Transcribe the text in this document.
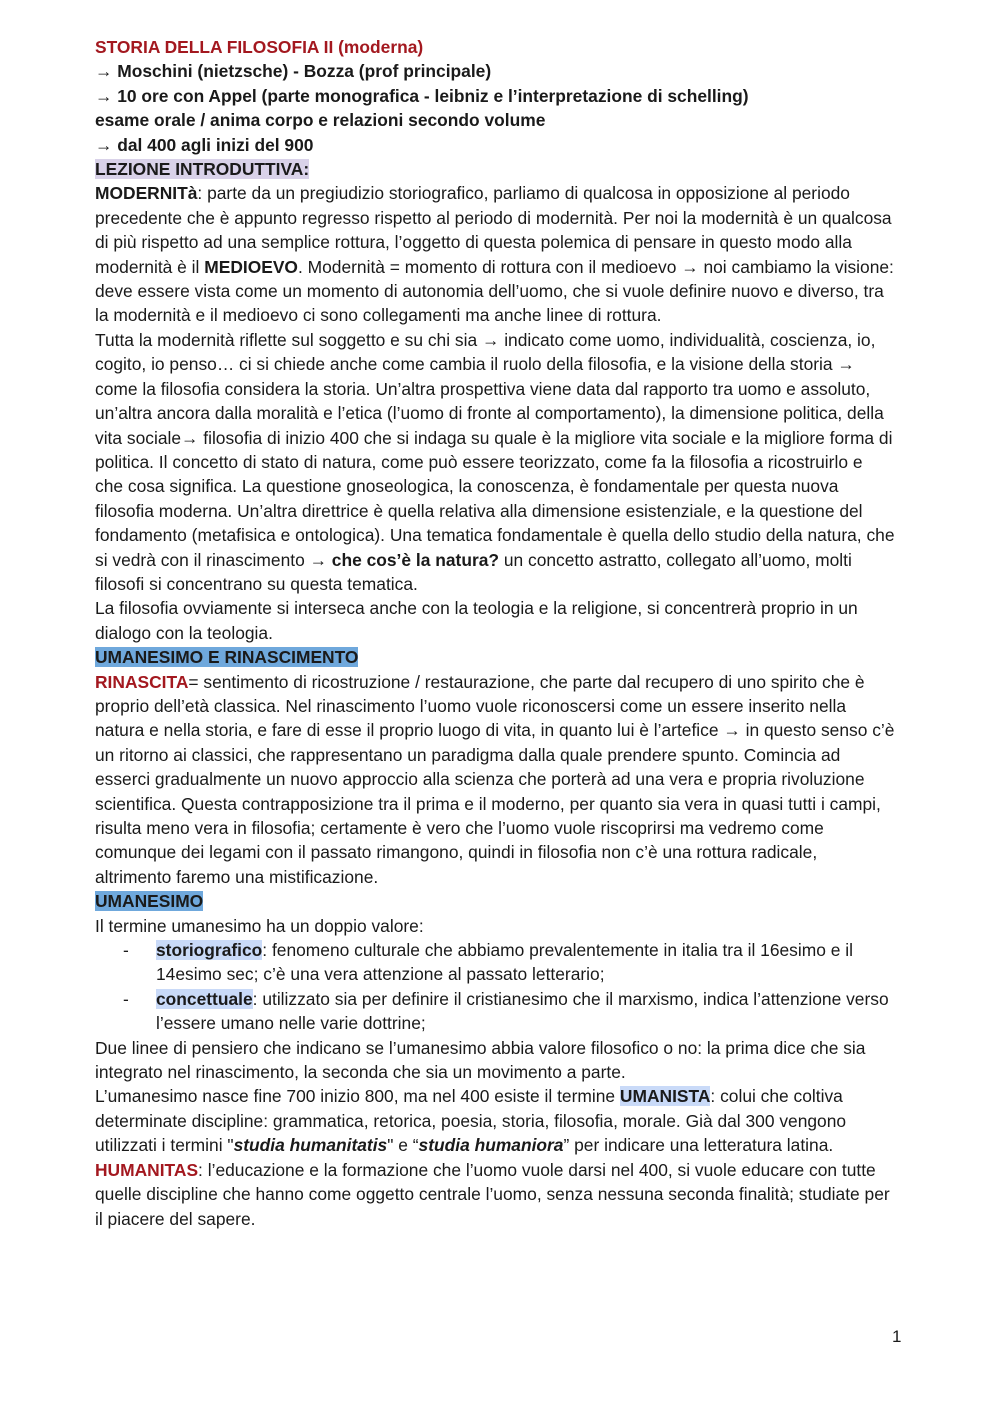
STORIA DELLA FILOSOFIA II (moderna)
→ Moschini (nietzsche) - Bozza (prof principale)
→ 10 ore con Appel (parte monografica - leibniz e l’interpretazione di schelling)
esame orale / anima corpo e relazioni secondo volume
→ dal 400 agli inizi del 900
LEZIONE INTRODUTTIVA:
MODERNITà: parte da un pregiudizio storiografico, parliamo di qualcosa in opposizione al periodo precedente che è appunto regresso rispetto al periodo di modernità. Per noi la modernità è un qualcosa di più rispetto ad una semplice rottura, l’oggetto di questa polemica di pensare in questo modo alla modernità è il MEDIOEVO. Modernità = momento di rottura con il medioevo → noi cambiamo la visione: deve essere vista come un momento di autonomia dell’uomo, che si vuole definire nuovo e diverso, tra la modernità e il medioevo ci sono collegamenti ma anche linee di rottura.
Tutta la modernità riflette sul soggetto e su chi sia → indicato come uomo, individualità, coscienza, io, cogito, io penso… ci si chiede anche come cambia il ruolo della filosofia, e la visione della storia → come la filosofia considera la storia. Un’altra prospettiva viene data dal rapporto tra uomo e assoluto, un’altra ancora dalla moralità e l’etica (l’uomo di fronte al comportamento), la dimensione politica, della vita sociale→ filosofia di inizio 400 che si indaga su quale è la migliore vita sociale e la migliore forma di politica. Il concetto di stato di natura, come può essere teorizzato, come fa la filosofia a ricostruirlo e che cosa significa. La questione gnoseologica, la conoscenza, è fondamentale per questa nuova filosofia moderna. Un’altra direttrice è quella relativa alla dimensione esistenziale, e la questione del fondamento (metafisica e ontologica). Una tematica fondamentale è quella dello studio della natura, che si vedrà con il rinascimento → che cos’è la natura? un concetto astratto, collegato all’uomo, molti filosofi si concentrano su questa tematica.
La filosofia ovviamente si interseca anche con la teologia e la religione, si concentrerà proprio in un dialogo con la teologia.
UMANESIMO E RINASCIMENTO
RINASCITA= sentimento di ricostruzione / restaurazione, che parte dal recupero di uno spirito che è proprio dell’età classica. Nel rinascimento l’uomo vuole riconoscersi come un essere inserito nella natura e nella storia, e fare di esse il proprio luogo di vita, in quanto lui è l’artefice → in questo senso c’è un ritorno ai classici, che rappresentano un paradigma dalla quale prendere spunto. Comincia ad esserci gradualmente un nuovo approccio alla scienza che porterà ad una vera e propria rivoluzione scientifica. Questa contrapposizione tra il prima e il moderno, per quanto sia vera in quasi tutti i campi, risulta meno vera in filosofia; certamente è vero che l’uomo vuole riscoprirsi ma vedremo come comunque dei legami con il passato rimangono, quindi in filosofia non c’è una rottura radicale, altrimento faremo una mistificazione.
UMANESIMO
Il termine umanesimo ha un doppio valore:
- storiografico: fenomeno culturale che abbiamo prevalentemente in italia tra il 16esimo e il 14esimo sec; c’è una vera attenzione al passato letterario;
- concettuale: utilizzato sia per definire il cristianesimo che il marxismo, indica l’attenzione verso l’essere umano nelle varie dottrine;
Due linee di pensiero che indicano se l’umanesimo abbia valore filosofico o no: la prima dice che sia integrato nel rinascimento, la seconda che sia un movimento a parte.
L’umanesimo nasce fine 700 inizio 800, ma nel 400 esiste il termine UMANISTA: colui che coltiva determinate discipline: grammatica, retorica, poesia, storia, filosofia, morale. Già dal 300 vengono utilizzati i termini "studia humanitatis" e “studia humaniora” per indicare una letteratura latina.
HUMANITAS: l’educazione e la formazione che l’uomo vuole darsi nel 400, si vuole educare con tutte quelle discipline che hanno come oggetto centrale l’uomo, senza nessuna seconda finalità; studiate per il piacere del sapere.
1
